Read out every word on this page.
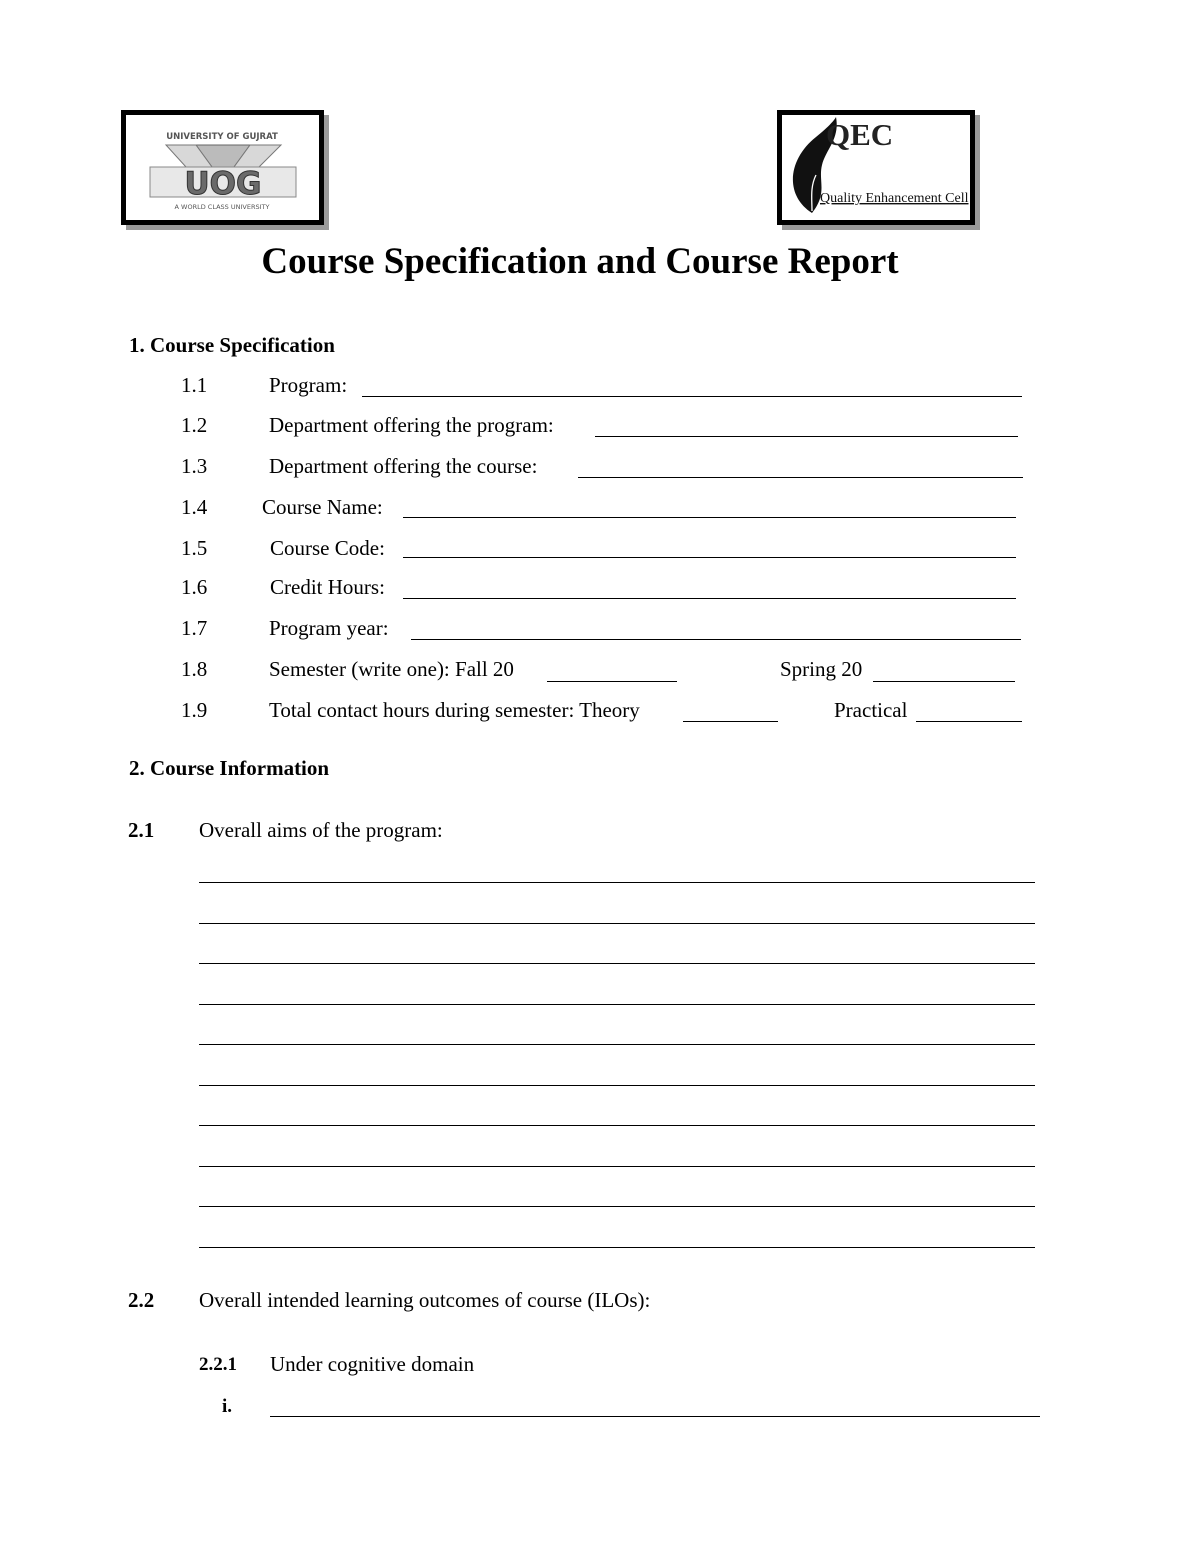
UNIVERSITY OF GUJRAT
UOG
A WORLD CLASS UNIVERSITY
QEC
Quality Enhancement Cell
Course Specification and Course Report
1. Course Specification
1.1	Program:
1.2	Department offering the program:
1.3	Department offering the course:
1.4	Course Name:
1.5	Course Code:
1.6	Credit Hours:
1.7	Program year:
1.8	Semester (write one): Fall 20	Spring 20
1.9	Total contact hours during semester: Theory	Practical
2. Course Information
2.1 Overall aims of the program:
2.2 Overall intended learning outcomes of course (ILOs):
2.2.1 Under cognitive domain
i.
